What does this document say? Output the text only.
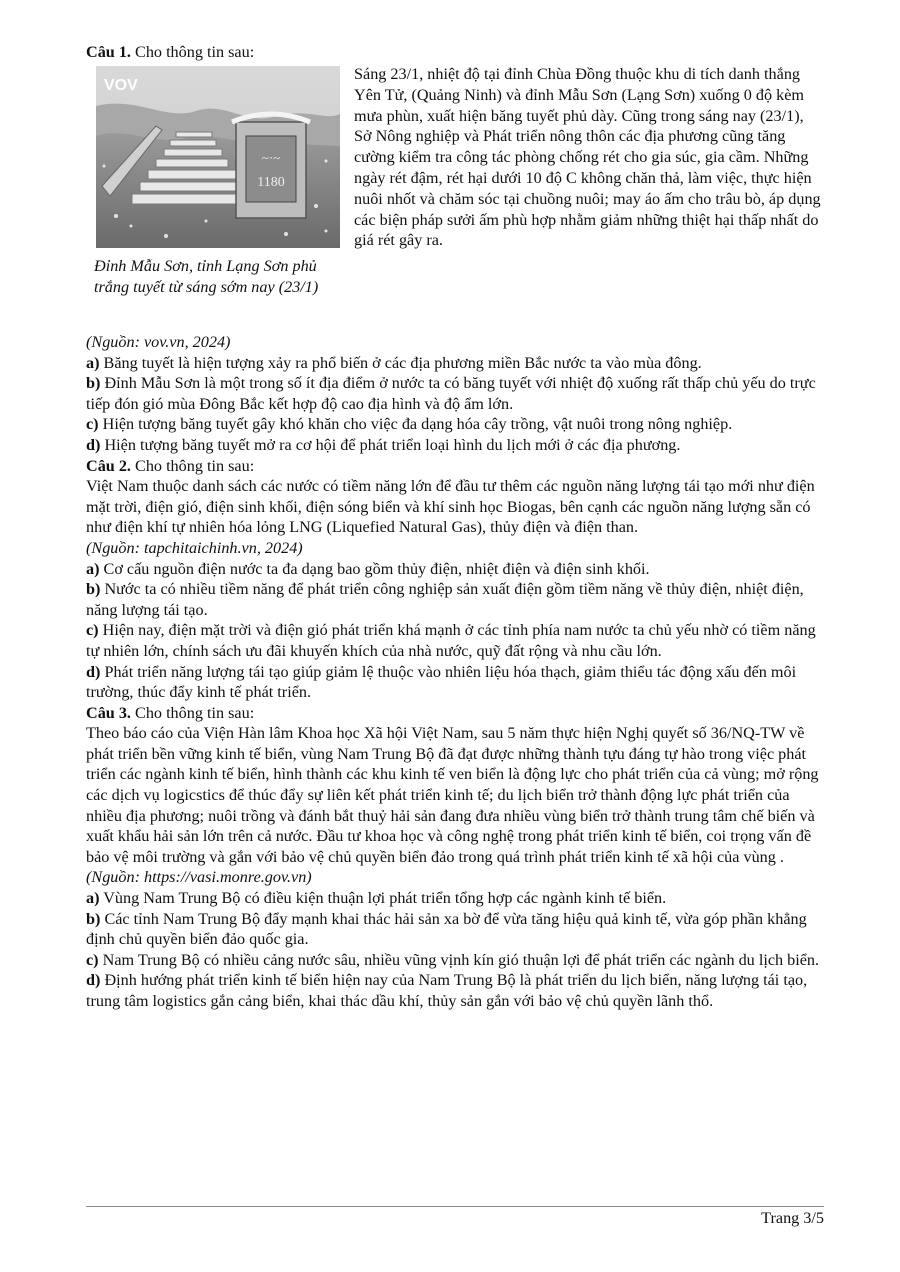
Câu 1. Cho thông tin sau:

~·~
1180
VOV

Đỉnh Mẫu Sơn, tỉnh Lạng Sơn phủ trắng tuyết từ sáng sớm nay (23/1)

Sáng 23/1, nhiệt độ tại đỉnh Chùa Đồng thuộc khu di tích danh thắng Yên Tử, (Quảng Ninh) và đỉnh Mẫu Sơn (Lạng Sơn) xuống 0 độ kèm mưa phùn, xuất hiện băng tuyết phủ dày. Cũng trong sáng nay (23/1), Sở Nông nghiệp và Phát triển nông thôn các địa phương cũng tăng cường kiểm tra công tác phòng chống rét cho gia súc, gia cầm. Những ngày rét đậm, rét hại dưới 10 độ C không chăn thả, làm việc, thực hiện nuôi nhốt và chăm sóc tại chuồng nuôi; may áo ấm cho trâu bò, áp dụng các biện pháp sưởi ấm phù hợp nhằm giảm những thiệt hại thấp nhất do giá rét gây ra.

(Nguồn: vov.vn, 2024)

a) Băng tuyết là hiện tượng xảy ra phổ biến ở các địa phương miền Bắc nước ta vào mùa đông.

b) Đỉnh Mẫu Sơn là một trong số ít địa điểm ở nước ta có băng tuyết với nhiệt độ xuống rất thấp chủ yếu do trực tiếp đón gió mùa Đông Bắc kết hợp độ cao địa hình và độ ẩm lớn.

c) Hiện tượng băng tuyết gây khó khăn cho việc đa dạng hóa cây trồng, vật nuôi trong nông nghiệp.

d) Hiện tượng băng tuyết mở ra cơ hội để phát triển loại hình du lịch mới ở các địa phương.

Câu 2. Cho thông tin sau:

Việt Nam thuộc danh sách các nước có tiềm năng lớn để đầu tư thêm các nguồn năng lượng tái tạo mới như điện mặt trời, điện gió, điện sinh khối, điện sóng biển và khí sinh học Biogas, bên cạnh các nguồn năng lượng sẵn có như điện khí tự nhiên hóa lỏng LNG (Liquefied Natural Gas), thủy điện và điện than.

(Nguồn: tapchitaichinh.vn, 2024)

a) Cơ cấu nguồn điện nước ta đa dạng bao gồm thủy điện, nhiệt điện và điện sinh khối.

b) Nước ta có nhiều tiềm năng để phát triển công nghiệp sản xuất điện gồm tiềm năng về thủy điện, nhiệt điện, năng lượng tái tạo.

c) Hiện nay, điện mặt trời và điện gió phát triển khá mạnh ở các tỉnh phía nam nước ta chủ yếu nhờ có tiềm năng tự nhiên lớn, chính sách ưu đãi khuyến khích của nhà nước, quỹ đất rộng và nhu cầu lớn.

d) Phát triển năng lượng tái tạo giúp giảm lệ thuộc vào nhiên liệu hóa thạch, giảm thiểu tác động xấu đến môi trường, thúc đẩy kinh tế phát triển.

Câu 3. Cho thông tin sau:

Theo báo cáo của Viện Hàn lâm Khoa học Xã hội Việt Nam, sau 5 năm thực hiện Nghị quyết số 36/NQ-TW về phát triển bền vững kinh tế biển, vùng Nam Trung Bộ đã đạt được những thành tựu đáng tự hào trong việc phát triển các ngành kinh tế biển, hình thành các khu kinh tế ven biển là động lực cho phát triển của cả vùng; mở rộng các dịch vụ logicstics để thúc đẩy sự liên kết phát triển kinh tế; du lịch biển trở thành động lực phát triển của nhiều địa phương; nuôi trồng và đánh bắt thuỷ hải sản đang đưa nhiều vùng biển trở thành trung tâm chế biến và xuất khẩu hải sản lớn trên cả nước. Đầu tư khoa học và công nghệ trong phát triển kinh tế biển, coi trọng vấn đề bảo vệ môi trường và gắn với bảo vệ chủ quyền biển đảo trong quá trình phát triển kinh tế xã hội của vùng .

(Nguồn: https://vasi.monre.gov.vn)

a) Vùng Nam Trung Bộ có điều kiện thuận lợi phát triển tổng hợp các ngành kinh tế biển.

b) Các tỉnh Nam Trung Bộ đẩy mạnh khai thác hải sản xa bờ để vừa tăng hiệu quả kinh tế, vừa góp phần khẳng định chủ quyền biển đảo quốc gia.

c) Nam Trung Bộ có nhiều cảng nước sâu, nhiều vũng vịnh kín gió thuận lợi để phát triển các ngành du lịch biển.

d) Định hướng phát triển kinh tế biển hiện nay của Nam Trung Bộ là phát triển du lịch biển, năng lượng tái tạo, trung tâm logistics gắn cảng biển, khai thác dầu khí, thủy sản gắn với bảo vệ chủ quyền lãnh thổ.

Trang 3/5
